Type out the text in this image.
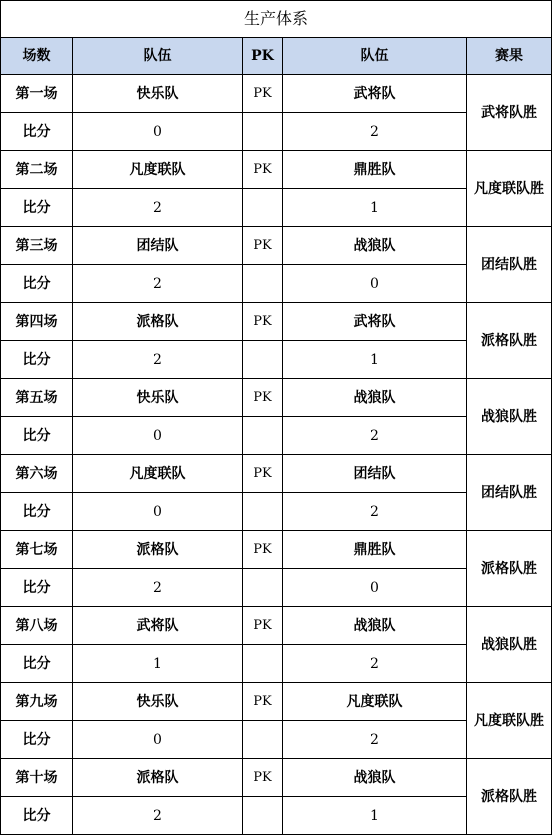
生产体系				
场数	队伍	PK	队伍	赛果
第一场	快乐队	PK	武将队	武将队胜
比分	0		2	
第二场	凡度联队	PK	鼎胜队	凡度联队胜
比分	2		1	
第三场	团结队	PK	战狼队	团结队胜
比分	2		0	
第四场	派格队	PK	武将队	派格队胜
比分	2		1	
第五场	快乐队	PK	战狼队	战狼队胜
比分	0		2	
第六场	凡度联队	PK	团结队	团结队胜
比分	0		2	
第七场	派格队	PK	鼎胜队	派格队胜
比分	2		0	
第八场	武将队	PK	战狼队	战狼队胜
比分	1		2	
第九场	快乐队	PK	凡度联队	凡度联队胜
比分	0		2	
第十场	派格队	PK	战狼队	派格队胜
比分	2		1	
